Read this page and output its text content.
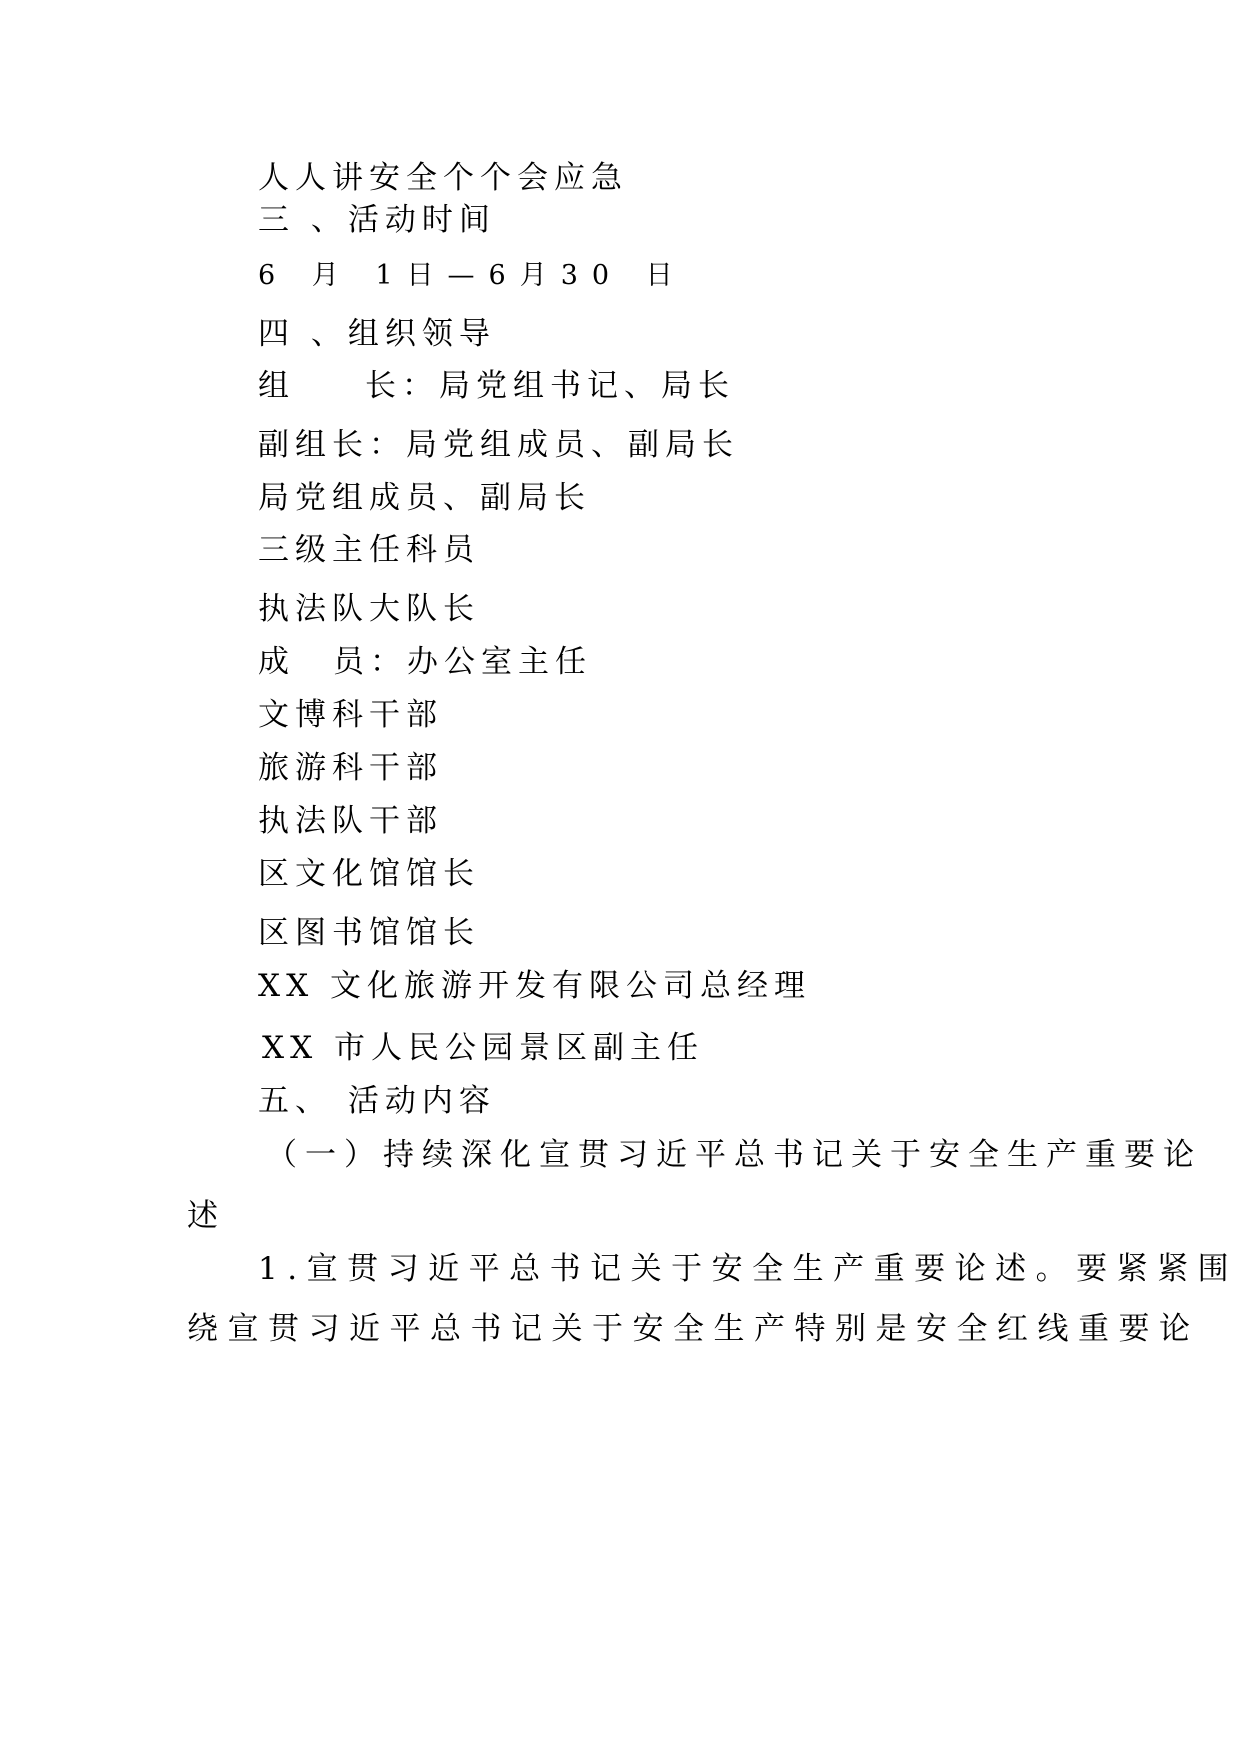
人人讲安全个个会应急
三 、活动时间
6 月 1日—6月30 日
四 、组织领导
组 长：局党组书记、局长
副组长：局党组成员、副局长
局党组成员、副局长
三级主任科员
执法队大队长
成 员：办公室主任
文博科干部
旅游科干部
执法队干部
区文化馆馆长
区图书馆馆长
XX 文化旅游开发有限公司总经理
XX 市人民公园景区副主任
五、 活动内容
（一）持续深化宣贯习近平总书记关于安全生产重要论
述
1.宣贯习近平总书记关于安全生产重要论述。要紧紧围
绕宣贯习近平总书记关于安全生产特别是安全红线重要论
